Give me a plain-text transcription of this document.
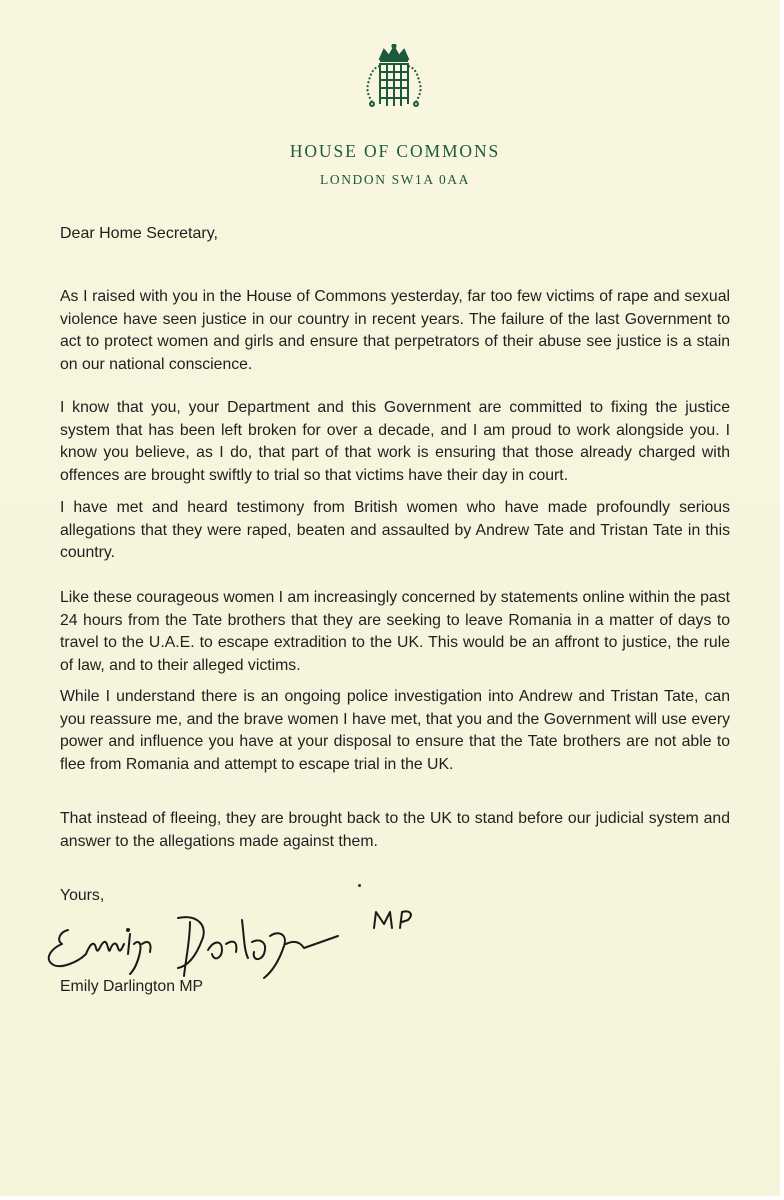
HOUSE OF COMMONS

LONDON SW1A 0AA

Dear Home Secretary,

As I raised with you in the House of Commons yesterday, far too few victims of rape and sexual violence have seen justice in our country in recent years. The failure of the last Government to act to protect women and girls and ensure that perpetrators of their abuse see justice is a stain on our national conscience.

I know that you, your Department and this Government are committed to fixing the justice system that has been left broken for over a decade, and I am proud to work alongside you. I know you believe, as I do, that part of that work is ensuring that those already charged with offences are brought swiftly to trial so that victims have their day in court.

I have met and heard testimony from British women who have made profoundly serious allegations that they were raped, beaten and assaulted by Andrew Tate and Tristan Tate in this country.

Like these courageous women I am increasingly concerned by statements online within the past 24 hours from the Tate brothers that they are seeking to leave Romania in a matter of days to travel to the U.A.E. to escape extradition to the UK. This would be an affront to justice, the rule of law, and to their alleged victims.

While I understand there is an ongoing police investigation into Andrew and Tristan Tate, can you reassure me, and the brave women I have met, that you and the Government will use every power and influence you have at your disposal to ensure that the Tate brothers are not able to flee from Romania and attempt to escape trial in the UK.

That instead of fleeing, they are brought back to the UK to stand before our judicial system and answer to the allegations made against them.

Yours,

Emily Darlington MP

Emily Darlington MP
